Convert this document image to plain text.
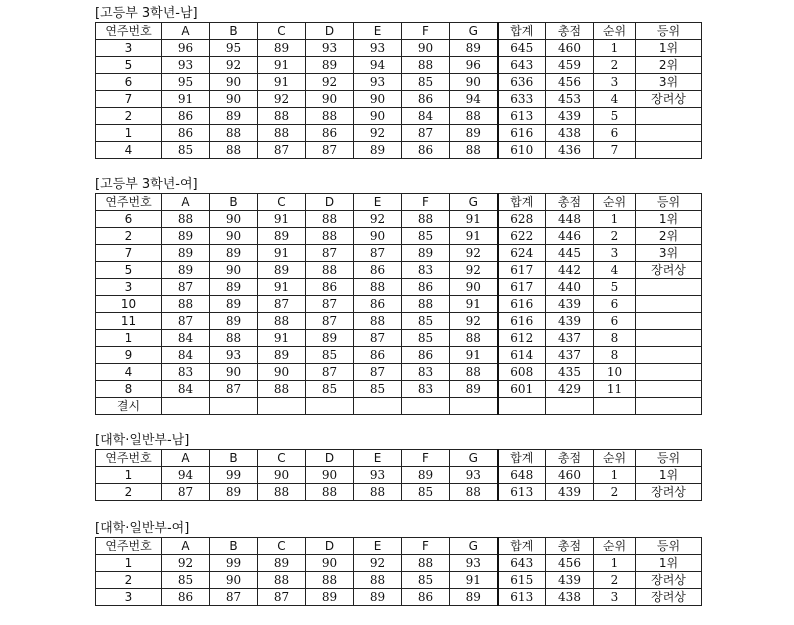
[고등부 3학년-남]
연주번호	A	B	C	D	E	F	G	합계	총점	순위	등위
3	96	95	89	93	93	90	89	645	460	1	1위
5	93	92	91	89	94	88	96	643	459	2	2위
6	95	90	91	92	93	85	90	636	456	3	3위
7	91	90	92	90	90	86	94	633	453	4	장려상
2	86	89	88	88	90	84	88	613	439	5	
1	86	88	88	86	92	87	89	616	438	6	
4	85	88	87	87	89	86	88	610	436	7	
[고등부 3학년-여]
연주번호	A	B	C	D	E	F	G	합계	총점	순위	등위
6	88	90	91	88	92	88	91	628	448	1	1위
2	89	90	89	88	90	85	91	622	446	2	2위
7	89	89	91	87	87	89	92	624	445	3	3위
5	89	90	89	88	86	83	92	617	442	4	장려상
3	87	89	91	86	88	86	90	617	440	5	
10	88	89	87	87	86	88	91	616	439	6	
11	87	89	88	87	88	85	92	616	439	6	
1	84	88	91	89	87	85	88	612	437	8	
9	84	93	89	85	86	86	91	614	437	8	
4	83	90	90	87	87	83	88	608	435	10	
8	84	87	88	85	85	83	89	601	429	11	
결시											
[대학·일반부-남]
연주번호	A	B	C	D	E	F	G	합계	총점	순위	등위
1	94	99	90	90	93	89	93	648	460	1	1위
2	87	89	88	88	88	85	88	613	439	2	장려상
[대학·일반부-여]
연주번호	A	B	C	D	E	F	G	합계	총점	순위	등위
1	92	99	89	90	92	88	93	643	456	1	1위
2	85	90	88	88	88	85	91	615	439	2	장려상
3	86	87	87	89	89	86	89	613	438	3	장려상
